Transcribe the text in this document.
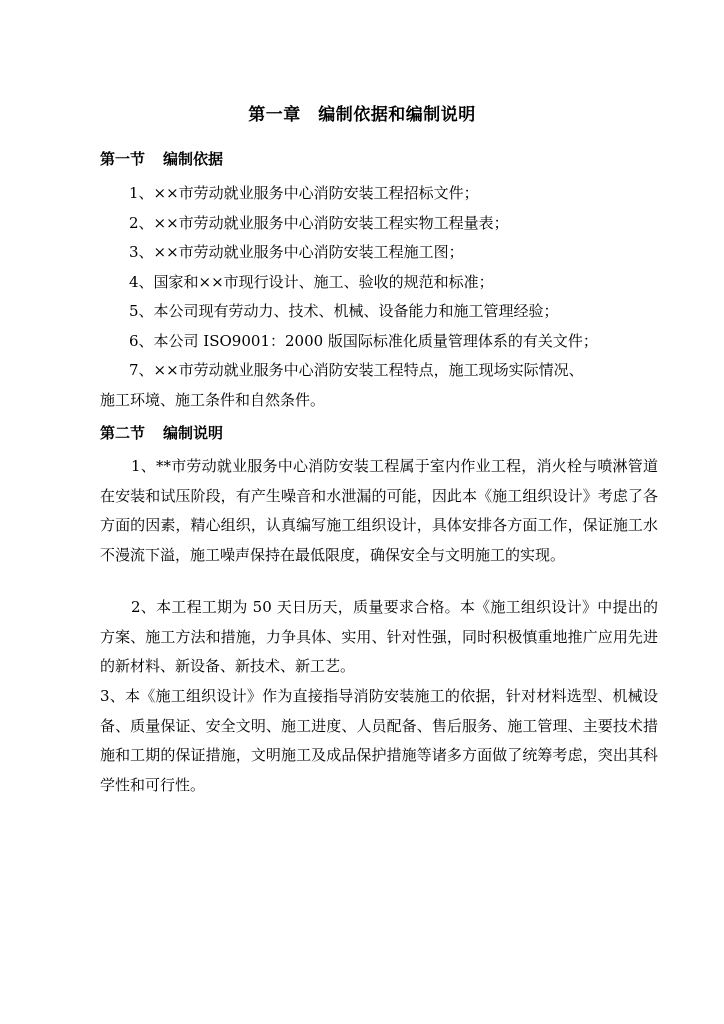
第一章　编制依据和编制说明
第一节 编制依据
1、××市劳动就业服务中心消防安装工程招标文件；
2、××市劳动就业服务中心消防安装工程实物工程量表；
3、××市劳动就业服务中心消防安装工程施工图；
4、国家和××市现行设计、施工、验收的规范和标准；
5、本公司现有劳动力、技术、机械、设备能力和施工管理经验；
6、本公司 ISO9001：2000 版国际标准化质量管理体系的有关文件；
7、××市劳动就业服务中心消防安装工程特点，施工现场实际情况、
施工环境、施工条件和自然条件。
第二节 编制说明

1、**市劳动就业服务中心消防安装工程属于室内作业工程，消火栓与喷淋管道在安装和试压阶段，有产生噪音和水泄漏的可能，因此本《施工组织设计》考虑了各方面的因素，精心组织，认真编写施工组织设计，具体安排各方面工作，保证施工水不漫流下溢，施工噪声保持在最低限度，确保安全与文明施工的实现。

2、本工程工期为 50 天日历天，质量要求合格。本《施工组织设计》中提出的方案、施工方法和措施，力争具体、实用、针对性强，同时积极慎重地推广应用先进的新材料、新设备、新技术、新工艺。

3、本《施工组织设计》作为直接指导消防安装施工的依据，针对材料选型、机械设备、质量保证、安全文明、施工进度、人员配备、售后服务、施工管理、主要技术措施和工期的保证措施，文明施工及成品保护措施等诸多方面做了统筹考虑，突出其科学性和可行性。
